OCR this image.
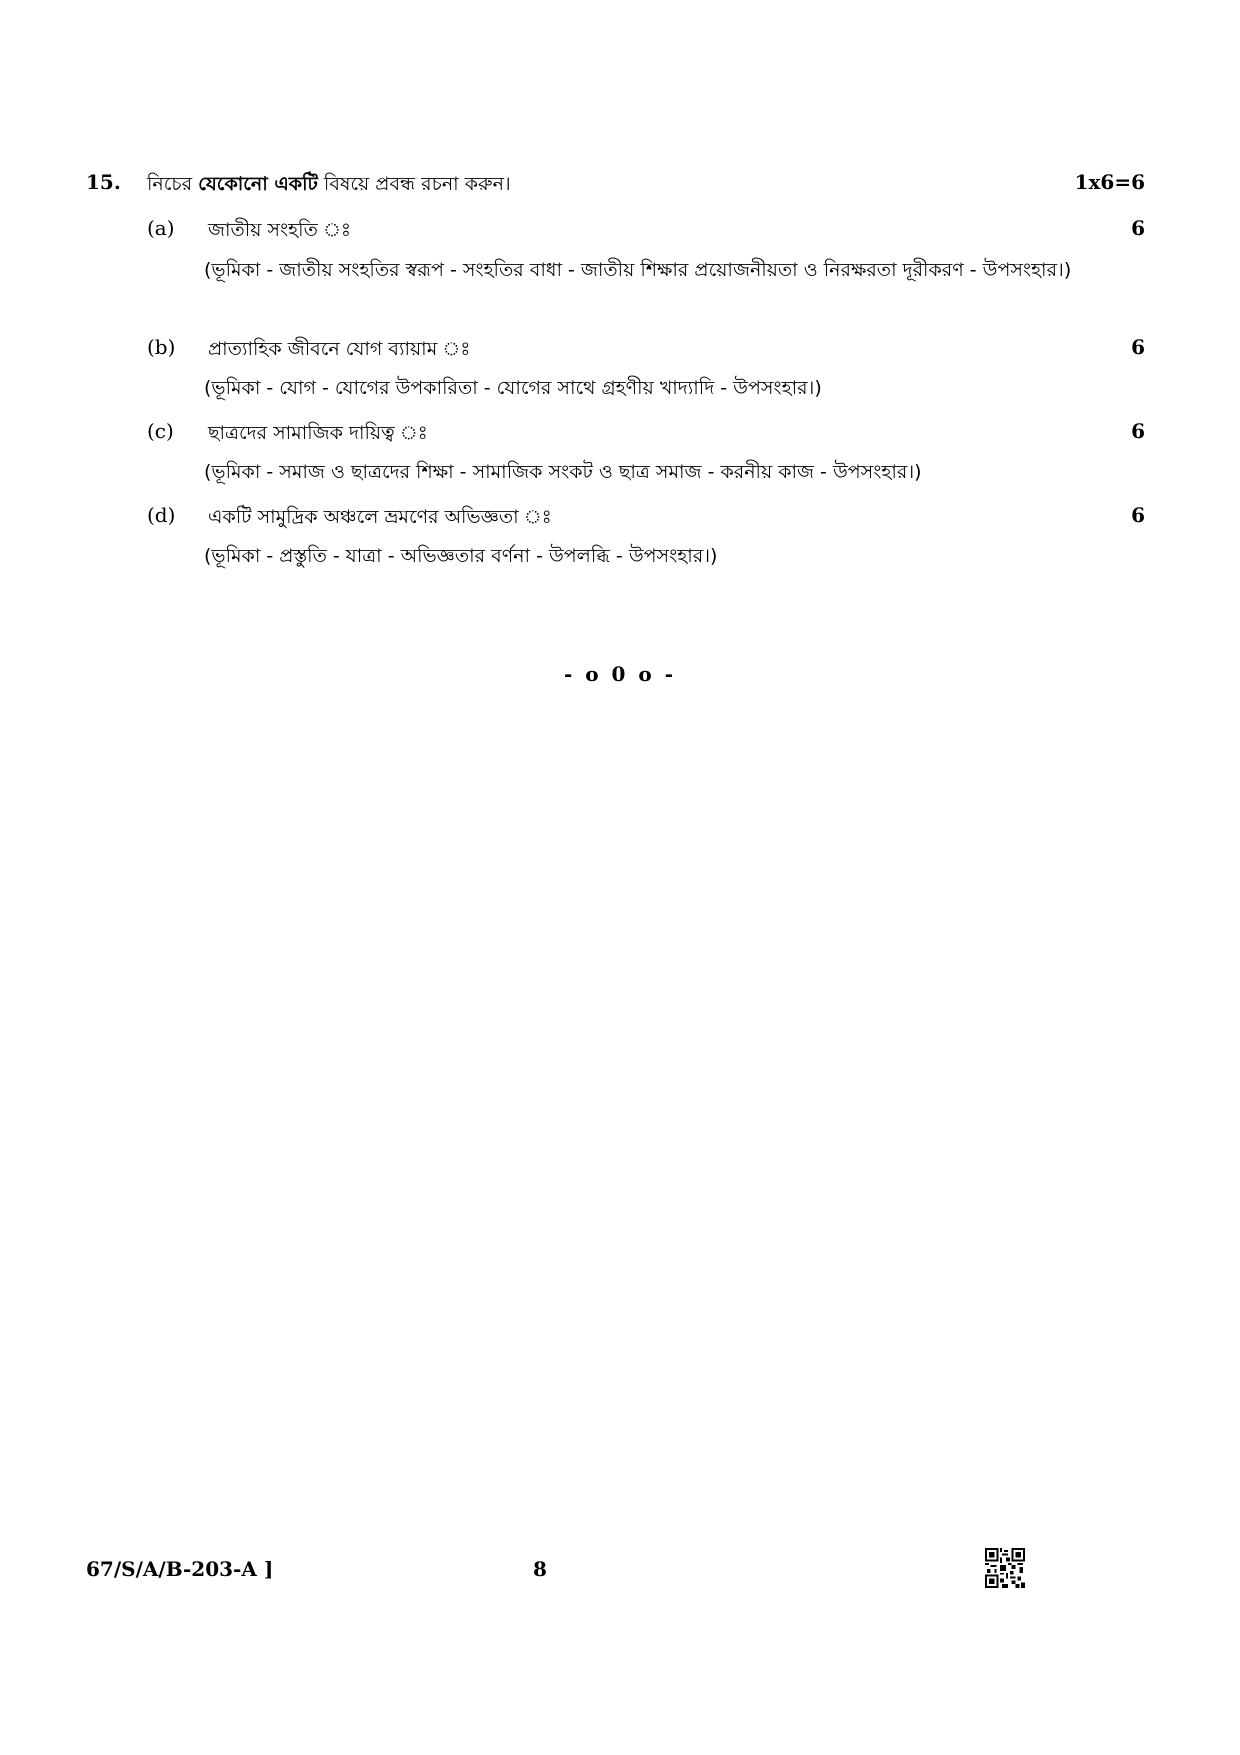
15. নিচের যেকোনো একটি বিষয়ে প্রবন্ধ রচনা করুন।	1x6=6
(a) জাতীয় সংহতি ঃ	6
(ভূমিকা - জাতীয় সংহতির স্বরূপ - সংহতির বাধা - জাতীয় শিক্ষার প্রয়োজনীয়তা ও নিরক্ষরতা দূরীকরণ - উপসংহার।)
(b) প্রাত্যাহিক জীবনে যোগ ব্যায়াম ঃ	6
(ভূমিকা - যোগ - যোগের উপকারিতা - যোগের সাথে গ্রহণীয় খাদ্যাদি - উপসংহার।)
(c) ছাত্রদের সামাজিক দায়িত্ব ঃ	6
(ভূমিকা - সমাজ ও ছাত্রদের শিক্ষা - সামাজিক সংকট ও ছাত্র সমাজ - করনীয় কাজ - উপসংহার।)
(d) একটি সামুদ্রিক অঞ্চলে ভ্রমণের অভিজ্ঞতা ঃ	6
(ভূমিকা - প্রস্তুতি - যাত্রা - অভিজ্ঞতার বর্ণনা - উপলব্ধি - উপসংহার।)
- o 0 o -
67/S/A/B-203-A ]	8
